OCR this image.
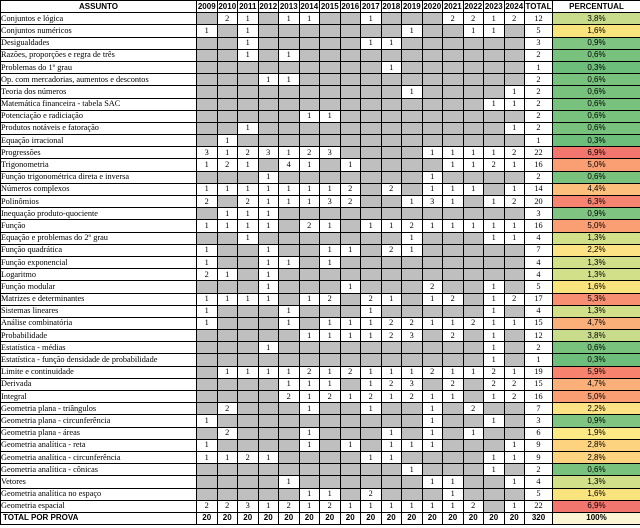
ASSUNTO	2009	2010	2011	2012	2013	2014	2015	2016	2017	2018	2019	2020	2021	2022	2023	2024	TOTAL	PERCENTUAL
Conjuntos e lógica		2	1		1	1			1				2	2	1	2	12	3,8%
Conjuntos numéricos	1		1								1			1	1		5	1,6%
Desigualdades			1						1	1							3	0,9%
Razões, proporções e regra de três			1		1												2	0,6%
Problemas do 1º grau										1							1	0,3%
Op. com mercadorias, aumentos e descontos				1	1												2	0,6%
Teoria dos números											1					1	2	0,6%
Matemática financeira - tabela SAC															1	1	2	0,6%
Potenciação e radiciação						1	1										2	0,6%
Produtos notáveis e fatoração			1													1	2	0,6%
Equação irracional		1															1	0,3%
Progressões	3	1	2	3	1	2	3					1	1	1	1	2	22	6,9%
Trigonometria	1	2	1		4	1		1					1	1	2	1	16	5,0%
Função trigonométrica direta e inversa				1								1					2	0,6%
Números complexos	1	1	1	1	1	1	1	2		2		1	1	1		1	14	4,4%
Polinômios	2		2	1	1	1	3	2			1	3	1		1	2	20	6,3%
Inequação produto-quociente		1	1	1													3	0,9%
Função	1	1	1	1		2	1		1	1	2	1	1	1	1	1	16	5,0%
Equação e problemas do 2º grau			1								1				1	1	4	1,3%
Função quadrática	1			1			1	1		2	1						7	2,2%
Função exponencial	1			1	1		1										4	1,3%
Logaritmo	2	1		1													4	1,3%
Função modular				1				1				2			1		5	1,6%
Matrizes e determinantes	1	1	1	1		1	2		2	1		1	2		1	2	17	5,3%
Sistemas lineares	1				1				1						1		4	1,3%
Análise combinatória	1				1		1	1	1	2	2	1	1	2	1	1	15	4,7%
Probabilidade						1	1	1	1	2	3		2		1		12	3,8%
Estatística - médias				1											1		2	0,6%
Estatística - função densidade de probabilidade															1		1	0,3%
Limite e continuidade		1	1	1	1	2	1	2	1	1	1	2	1	1	2	1	19	5,9%
Derivada					1	1	1		1	2	3		2		2	2	15	4,7%
Integral					2	1	2	1	2	1	2	1	1		1	2	16	5,0%
Geometria plana - triângulos		2				1			1			1		2			7	2,2%
Geometria plana - circunferência	1											1			1		3	0,9%
Geometria plana - áreas		2				1				1		1		1			6	1,9%
Geometria analítica - reta	1					1		1		1	1	1				1	9	2,8%
Geometria analítica - circunferência	1	1	2	1					1	1					1	1	9	2,8%
Geometria analítica - cônicas											1				1		2	0,6%
Vetores					1							1	1			1	4	1,3%
Geometria analítica no espaço						1	1		2				1				5	1,6%
Geometria espacial	2	2	3	1	2	1	2	1	1	1	1	1	1	2		1	22	6,9%
TOTAL POR PROVA	20	20	20	20	20	20	20	20	20	20	20	20	20	20	20	20	320	100%
